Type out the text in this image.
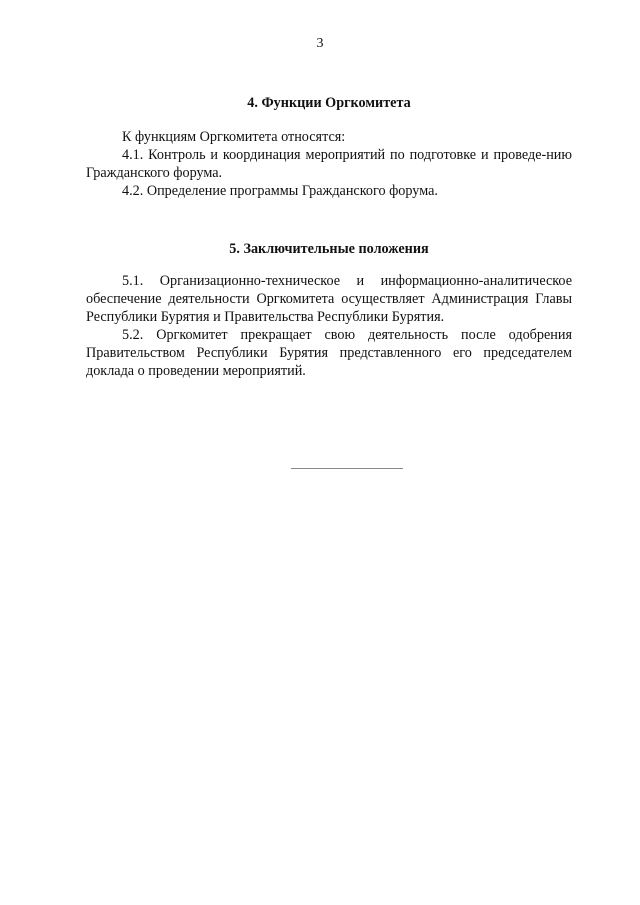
3
4. Функции Оргкомитета

К функциям Оргкомитета относятся:

4.1. Контроль и координация мероприятий по подготовке и проведе-нию Гражданского форума.

4.2. Определение программы Гражданского форума.

5. Заключительные положения

5.1. Организационно-техническое и информационно-аналитическое обеспечение деятельности Оргкомитета осуществляет Администрация Главы Республики Бурятия и Правительства Республики Бурятия.

5.2. Оргкомитет прекращает свою деятельность после одобрения Правительством Республики Бурятия представленного его председателем доклада о проведении мероприятий.
